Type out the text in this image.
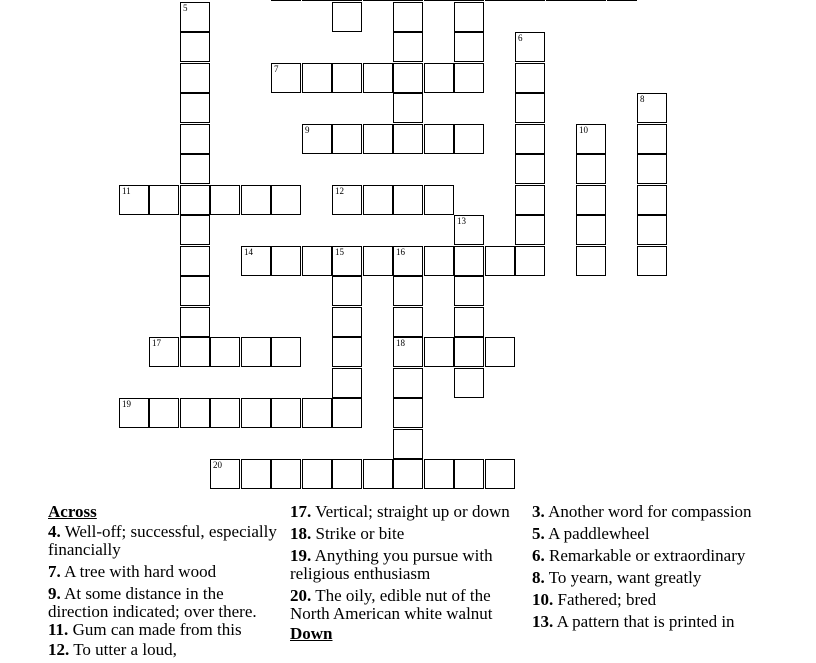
5
6
7
8
9	10
11	12
13
14	15	16
17	18
19
20
Across
4. Well-off; successful, especially financially
7. A tree with hard wood
9. At some distance in the direction indicated; over there.
11. Gum can made from this
12. To utter a loud,
17. Vertical; straight up or down
18. Strike or bite
19. Anything you pursue with religious enthusiasm
20. The oily, edible nut of the North American white walnut
Down
3. Another word for compassion
5. A paddlewheel
6. Remarkable or extraordinary
8. To yearn, want greatly
10. Fathered; bred
13. A pattern that is printed in
